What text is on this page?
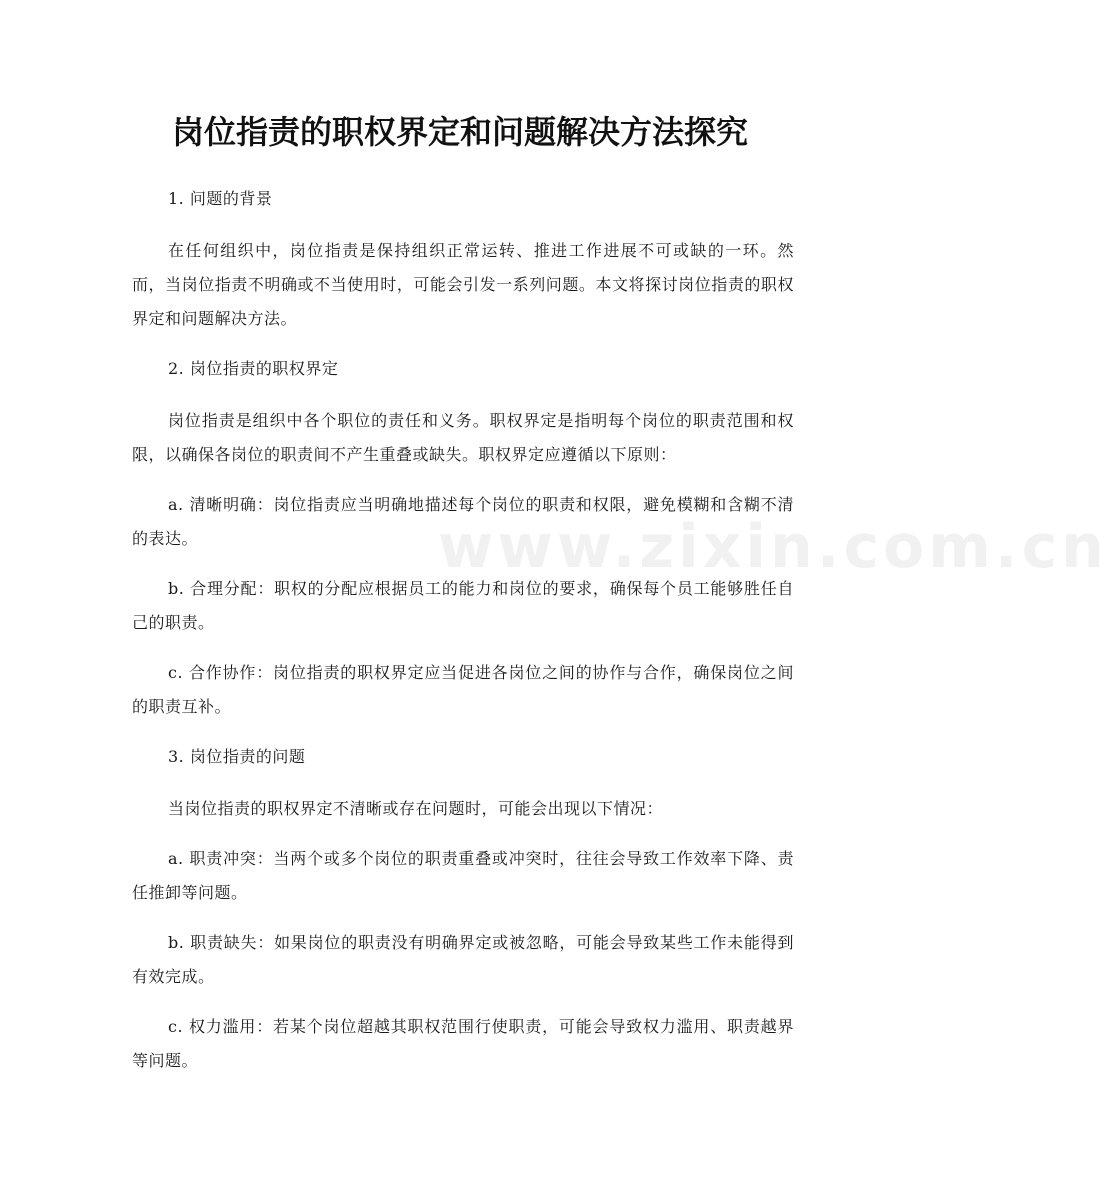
www.zixin.com.cn
岗位指责的职权界定和问题解决方法探究

1. 问题的背景

在任何组织中，岗位指责是保持组织正常运转、推进工作进展不可或缺的一环。然而，当岗位指责不明确或不当使用时，可能会引发一系列问题。本文将探讨岗位指责的职权界定和问题解决方法。

2. 岗位指责的职权界定

岗位指责是组织中各个职位的责任和义务。职权界定是指明每个岗位的职责范围和权限，以确保各岗位的职责间不产生重叠或缺失。职权界定应遵循以下原则：

a. 清晰明确：岗位指责应当明确地描述每个岗位的职责和权限，避免模糊和含糊不清的表达。

b. 合理分配：职权的分配应根据员工的能力和岗位的要求，确保每个员工能够胜任自己的职责。

c. 合作协作：岗位指责的职权界定应当促进各岗位之间的协作与合作，确保岗位之间的职责互补。

3. 岗位指责的问题

当岗位指责的职权界定不清晰或存在问题时，可能会出现以下情况：

a. 职责冲突：当两个或多个岗位的职责重叠或冲突时，往往会导致工作效率下降、责任推卸等问题。

b. 职责缺失：如果岗位的职责没有明确界定或被忽略，可能会导致某些工作未能得到有效完成。

c. 权力滥用：若某个岗位超越其职权范围行使职责，可能会导致权力滥用、职责越界等问题。
